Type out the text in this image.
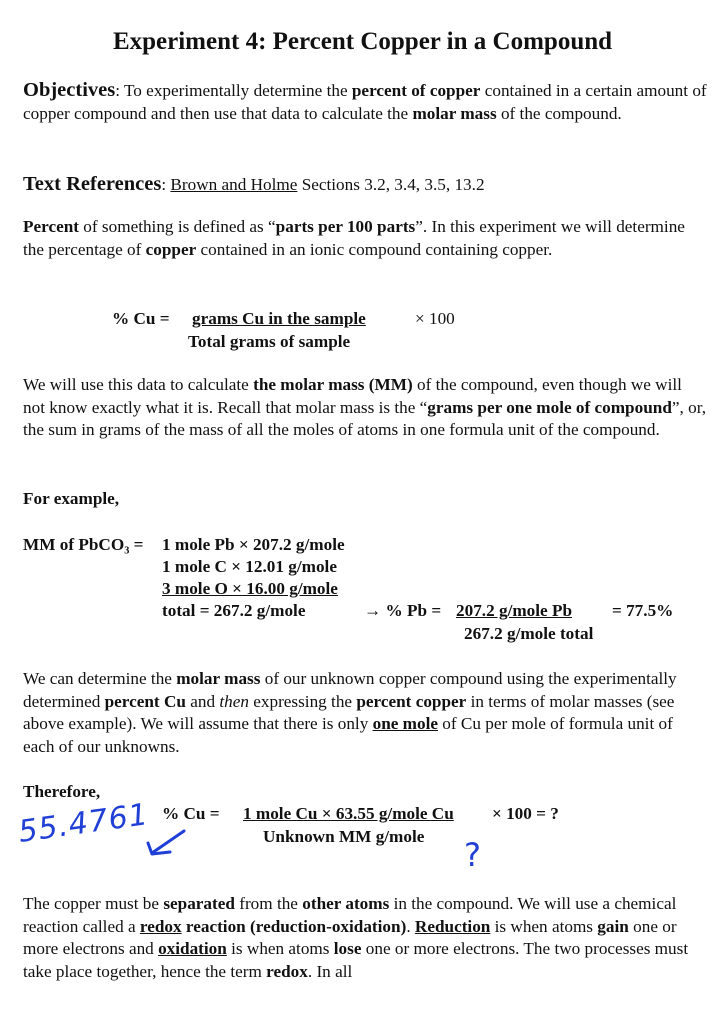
Experiment 4: Percent Copper in a Compound

Objectives: To experimentally determine the percent of copper contained in a certain amount of copper compound and then use that data to calculate the molar mass of the compound.

Text References: Brown and Holme Sections 3.2, 3.4, 3.5, 13.2

Percent of something is defined as “parts per 100 parts”. In this experiment we will determine the percentage of copper contained in an ionic compound containing copper.

% Cu = grams Cu in the sample	× 100
Total grams of sample

We will use this data to calculate the molar mass (MM) of the compound, even though we will not know exactly what it is. Recall that molar mass is the “grams per one mole of compound”, or, the sum in grams of the mass of all the moles of atoms in one formula unit of the compound.

For example,
MM of PbCO₃ = 1 mole Pb × 207.2 g/mole
1 mole C × 12.01 g/mole
3 mole O × 16.00 g/mole
total = 267.2 g/mole	→ % Pb = 207.2 g/mole Pb = 77.5%
267.2 g/mole total

We can determine the molar mass of our unknown copper compound using the experimentally determined percent Cu and then expressing the percent copper in terms of molar masses (see above example). We will assume that there is only one mole of Cu per mole of formula unit of each of our unknowns.

Therefore,
% Cu = 1 mole Cu × 63.55 g/mole Cu × 100 = ?
Unknown MM g/mole
55.4761
?

The copper must be separated from the other atoms in the compound. We will use a chemical reaction called a redox reaction (reduction-oxidation). Reduction is when atoms gain one or more electrons and oxidation is when atoms lose one or more electrons. The two processes must take place together, hence the term redox. In all
